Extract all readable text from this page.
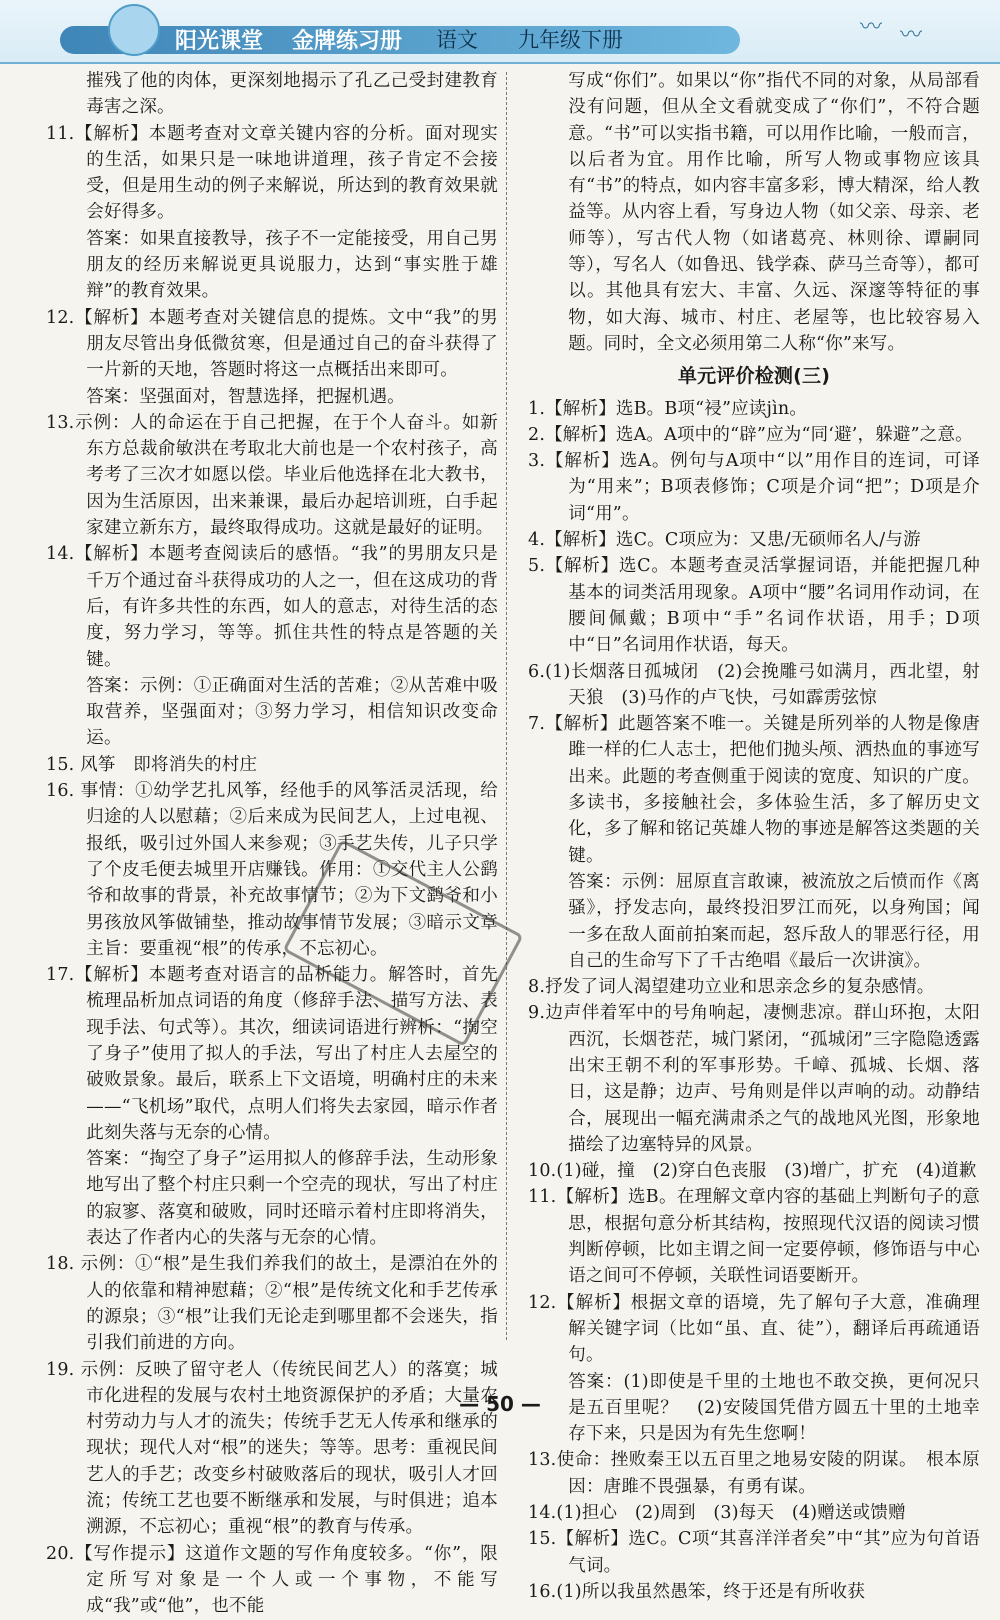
阳光课堂 金牌练习册 语文 九年级下册	〰 〰

摧残了他的肉体，更深刻地揭示了孔乙己受封建教育毒害之深。

11.【解析】本题考查对文章关键内容的分析。面对现实的生活，如果只是一味地讲道理，孩子肯定不会接受，但是用生动的例子来解说，所达到的教育效果就会好得多。

答案：如果直接教导，孩子不一定能接受，用自己男朋友的经历来解说更具说服力，达到“事实胜于雄辩”的教育效果。

12.【解析】本题考查对关键信息的提炼。文中“我”的男朋友尽管出身低微贫寒，但是通过自己的奋斗获得了一片新的天地，答题时将这一点概括出来即可。

答案：坚强面对，智慧选择，把握机遇。

13.示例：人的命运在于自己把握，在于个人奋斗。如新东方总裁俞敏洪在考取北大前也是一个农村孩子，高考考了三次才如愿以偿。毕业后他选择在北大教书，因为生活原因，出来兼课，最后办起培训班，白手起家建立新东方，最终取得成功。这就是最好的证明。

14.【解析】本题考查阅读后的感悟。“我”的男朋友只是千万个通过奋斗获得成功的人之一，但在这成功的背后，有许多共性的东西，如人的意志，对待生活的态度，努力学习，等等。抓住共性的特点是答题的关键。

答案：示例：①正确面对生活的苦难；②从苦难中吸取营养，坚强面对；③努力学习，相信知识改变命运。

15. 风筝　即将消失的村庄

16. 事情：①幼学艺扎风筝，经他手的风筝活灵活现，给归途的人以慰藉；②后来成为民间艺人，上过电视、报纸，吸引过外国人来参观；③手艺失传，儿子只学了个皮毛便去城里开店赚钱。作用：①交代主人公鹞爷和故事的背景，补充故事情节；②为下文鹞爷和小男孩放风筝做铺垫，推动故事情节发展；③暗示文章主旨：要重视“根”的传承，不忘初心。

17.【解析】本题考查对语言的品析能力。解答时，首先梳理品析加点词语的角度（修辞手法、描写方法、表现手法、句式等）。其次，细读词语进行辨析：“掏空了身子”使用了拟人的手法，写出了村庄人去屋空的破败景象。最后，联系上下文语境，明确村庄的未来——“飞机场”取代，点明人们将失去家园，暗示作者此刻失落与无奈的心情。

答案：“掏空了身子”运用拟人的修辞手法，生动形象地写出了整个村庄只剩一个空壳的现状，写出了村庄的寂寥、落寞和破败，同时还暗示着村庄即将消失，表达了作者内心的失落与无奈的心情。

18. 示例：①“根”是生我们养我们的故土，是漂泊在外的人的依靠和精神慰藉；②“根”是传统文化和手艺传承的源泉；③“根”让我们无论走到哪里都不会迷失，指引我们前进的方向。

19. 示例：反映了留守老人（传统民间艺人）的落寞；城市化进程的发展与农村土地资源保护的矛盾；大量农村劳动力与人才的流失；传统手艺无人传承和继承的现状；现代人对“根”的迷失；等等。思考：重视民间艺人的手艺；改变乡村破败落后的现状，吸引人才回流；传统工艺也要不断继承和发展，与时俱进；追本溯源，不忘初心；重视“根”的教育与传承。

20.【写作提示】这道作文题的写作角度较多。“你”，限定所写对象是一个人或一个事物，不能写成“我”或“他”，也不能

写成“你们”。如果以“你”指代不同的对象，从局部看没有问题，但从全文看就变成了“你们”，不符合题意。“书”可以实指书籍，可以用作比喻，一般而言，以后者为宜。用作比喻，所写人物或事物应该具有“书”的特点，如内容丰富多彩，博大精深，给人教益等。从内容上看，写身边人物（如父亲、母亲、老师等），写古代人物（如诸葛亮、林则徐、谭嗣同等），写名人（如鲁迅、钱学森、萨马兰奇等），都可以。其他具有宏大、丰富、久远、深邃等特征的事物，如大海、城市、村庄、老屋等，也比较容易入题。同时，全文必须用第二人称“你”来写。

单元评价检测(三)

1.【解析】选B。B项“祲”应读jìn。

2.【解析】选A。A项中的“辟”应为“同‘避’，躲避”之意。

3.【解析】选A。例句与A项中“以”用作目的连词，可译为“用来”；B项表修饰；C项是介词“把”；D项是介词“用”。

4.【解析】选C。C项应为：又患/无硕师名人/与游

5.【解析】选C。本题考查灵活掌握词语，并能把握几种基本的词类活用现象。A项中“腰”名词用作动词，在腰间佩戴；B项中“手”名词作状语，用手；D项中“日”名词用作状语，每天。

6.(1)长烟落日孤城闭　(2)会挽雕弓如满月，西北望，射天狼　(3)马作的卢飞快，弓如霹雳弦惊

7.【解析】此题答案不唯一。关键是所列举的人物是像唐雎一样的仁人志士，把他们抛头颅、洒热血的事迹写出来。此题的考查侧重于阅读的宽度、知识的广度。多读书，多接触社会，多体验生活，多了解历史文化，多了解和铭记英雄人物的事迹是解答这类题的关键。

答案：示例：屈原直言敢谏，被流放之后愤而作《离骚》，抒发志向，最终投汨罗江而死，以身殉国；闻一多在敌人面前拍案而起，怒斥敌人的罪恶行径，用自己的生命写下了千古绝唱《最后一次讲演》。

8.抒发了词人渴望建功立业和思亲念乡的复杂感情。

9.边声伴着军中的号角响起，凄恻悲凉。群山环抱，太阳西沉，长烟苍茫，城门紧闭，“孤城闭”三字隐隐透露出宋王朝不利的军事形势。千嶂、孤城、长烟、落日，这是静；边声、号角则是伴以声响的动。动静结合，展现出一幅充满肃杀之气的战地风光图，形象地描绘了边塞特异的风景。

10.(1)碰，撞　(2)穿白色丧服　(3)增广，扩充　(4)道歉

11.【解析】选B。在理解文章内容的基础上判断句子的意思，根据句意分析其结构，按照现代汉语的阅读习惯判断停顿，比如主谓之间一定要停顿，修饰语与中心语之间可不停顿，关联性词语要断开。

12.【解析】根据文章的语境，先了解句子大意，准确理解关键字词（比如“虽、直、徒”），翻译后再疏通语句。

答案：(1)即使是千里的土地也不敢交换，更何况只是五百里呢？　(2)安陵国凭借方圆五十里的土地幸存下来，只是因为有先生您啊！

13.使命：挫败秦王以五百里之地易安陵的阴谋。　根本原因：唐雎不畏强暴，有勇有谋。

14.(1)担心　(2)周到　(3)每天　(4)赠送或馈赠

15.【解析】选C。C项“其喜洋洋者矣”中“其”应为句首语气词。

16.(1)所以我虽然愚笨，终于还是有所收获

— 50 —
